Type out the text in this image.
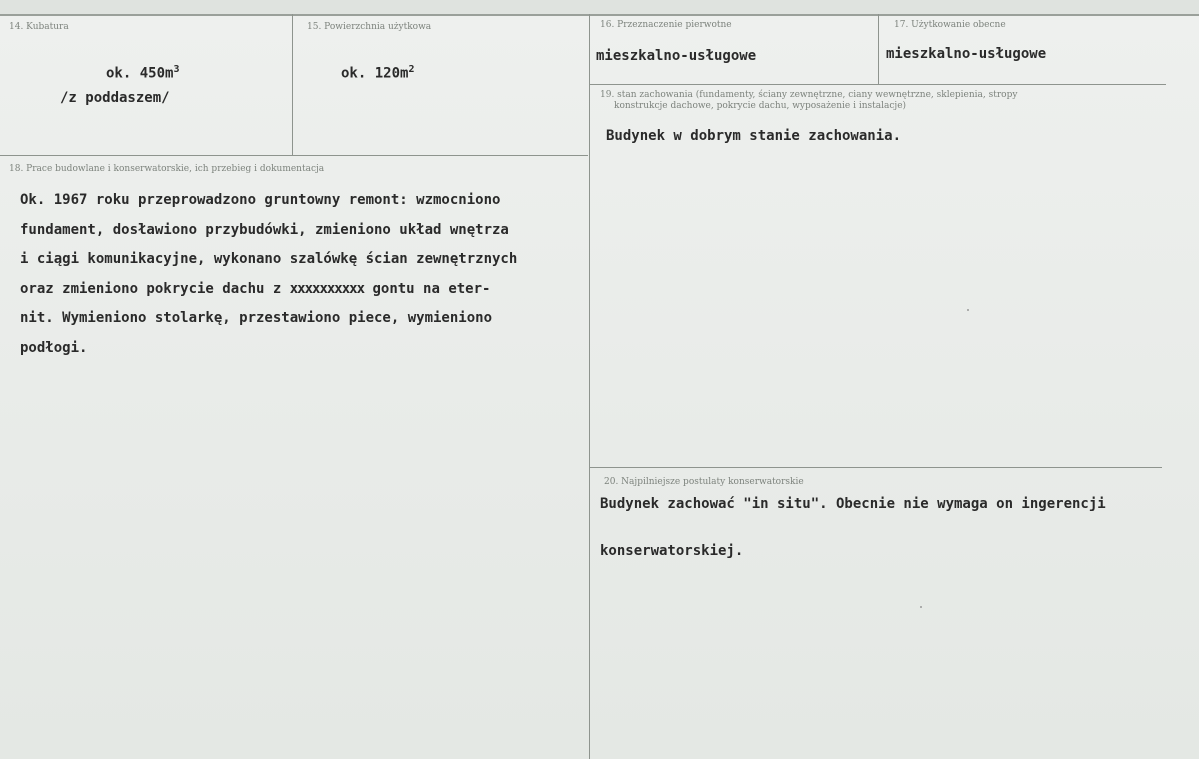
14. Kubatura
ok. $450m^3$
/z poddaszem/
15. Powierzchnia użytkowa
ok. $120m^2$
16. Przeznaczenie pierwotne
mieszkalno-usługowe
17. Użytkowanie obecne
mieszkalno-usługowe
19. stan zachowania (fundamenty, ściany zewnętrzne, ciany wewnętrzne, sklepienia, stropy
konstrukcje dachowe, pokrycie dachu, wyposażenie i instalacje)
Budynek w dobrym stanie zachowania.
18. Prace budowlane i konserwatorskie, ich przebieg i dokumentacja
Ok. 1967 roku przeprowadzono gruntowny remont: wzmocniono
fundament, dosławiono przybudówki, zmieniono układ wnętrza
i ciągi komunikacyjne, wykonano szalówkę ścian zewnętrznych
oraz zmieniono pokrycie dachu z xxxxxxxxxx gontu na eter-
nit. Wymieniono stolarkę, przestawiono piece, wymieniono
podłogi.
20. Najpilniejsze postulaty konserwatorskie
Budynek zachować "in situ". Obecnie nie wymaga on ingerencji
konserwatorskiej.
